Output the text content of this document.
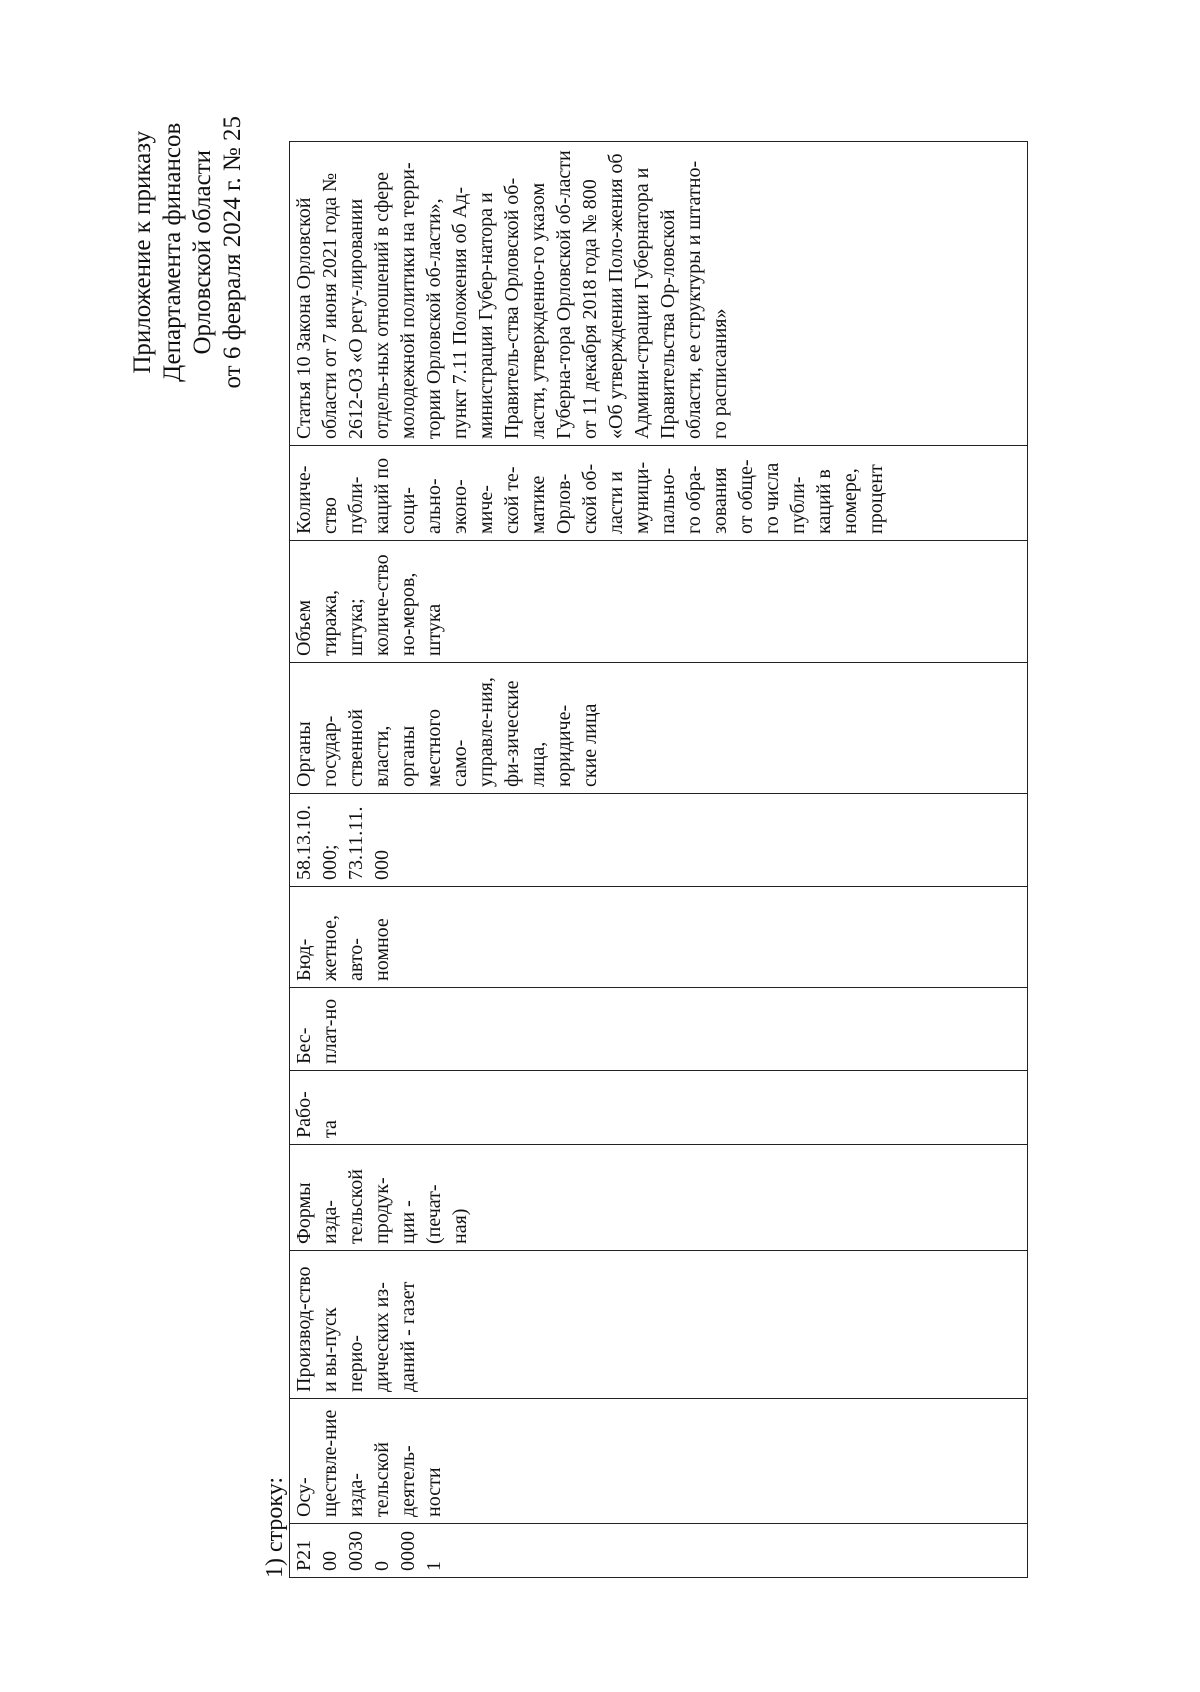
Приложение к приказу Департамента финансов Орловской области от 6 февраля 2024 г. № 25
1) строку: Р2100 00300 00001	Осу-ществле-ние изда-тельской деятель-ности	Производ-ство и вы-пуск перио-дических из-даний - газет	Формы изда-тельской продук-ции - (печат-ная)	Рабо-та	Бес-плат-но	Бюд-жетное, авто-номное	58.13.10. 000; 73.11.11. 000	Органы государ-ственной власти, органы местного само-управле-ния, фи-зические лица, юридиче-ские лица	Объем тиража, штука; количе-ство но-меров, штука	Количе-ство публи-каций по соци-ально-эконо-миче-ской те-матике Орлов-ской об-ласти и муници-пально-го обра-зования от обще-го числа публи-каций в номере, процент	Статья 10 Закона Орловской области от 7 июня 2021 года № 2612-ОЗ «О регу-лировании отдель-ных отношений в сфере молодежной политики на терри-тории Орловской об-ласти», пункт 7.11 Положения об Ад-министрации Губер-натора и Правитель-ства Орловской об-ласти, утвержденно-го указом Губерна-тора Орловской об-ласти от 11 декабря 2018 года № 800 «Об утверждении Поло-жения об Админи-страции Губернатора и Правительства Ор-ловской области, ее структуры и штатно-го расписания»
